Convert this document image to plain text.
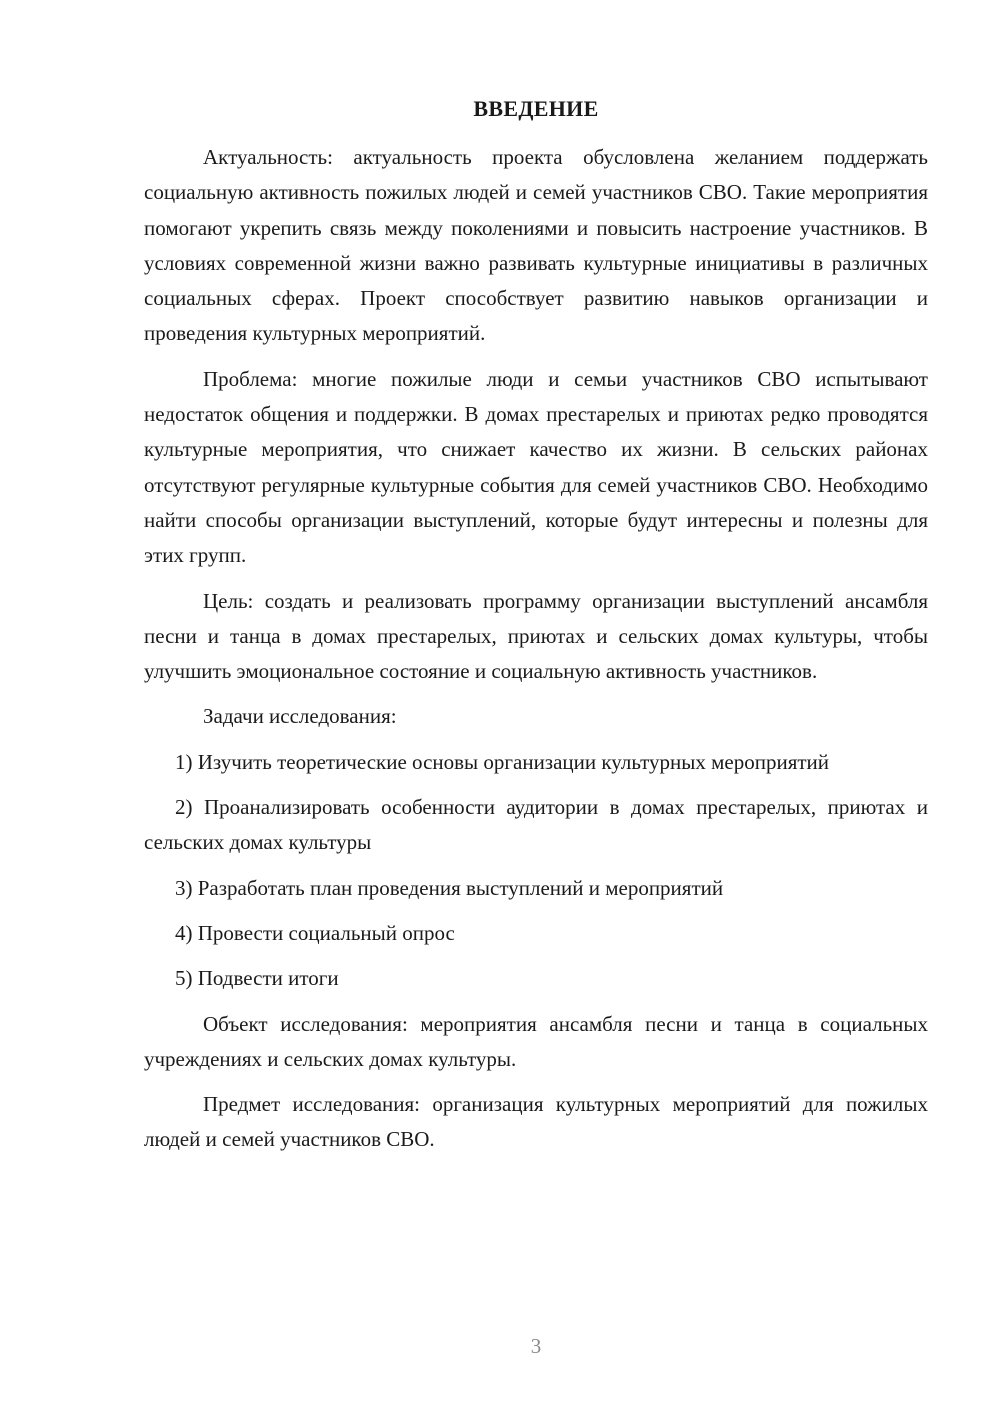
ВВЕДЕНИЕ

Актуальность: актуальность проекта обусловлена желанием поддержать социальную активность пожилых людей и семей участников СВО. Такие мероприятия помогают укрепить связь между поколениями и повысить настроение участников. В условиях современной жизни важно развивать культурные инициативы в различных социальных сферах. Проект способствует развитию навыков организации и проведения культурных мероприятий.

Проблема: многие пожилые люди и семьи участников СВО испытывают недостаток общения и поддержки. В домах престарелых и приютах редко проводятся культурные мероприятия, что снижает качество их жизни. В сельских районах отсутствуют регулярные культурные события для семей участников СВО. Необходимо найти способы организации выступлений, которые будут интересны и полезны для этих групп.

Цель: создать и реализовать программу организации выступлений ансамбля песни и танца в домах престарелых, приютах и сельских домах культуры, чтобы улучшить эмоциональное состояние и социальную активность участников.

Задачи исследования:

1) Изучить теоретические основы организации культурных мероприятий

2) Проанализировать особенности аудитории в домах престарелых, приютах и сельских домах культуры

3) Разработать план проведения выступлений и мероприятий

4) Провести социальный опрос

5) Подвести итоги

Объект исследования: мероприятия ансамбля песни и танца в социальных учреждениях и сельских домах культуры.

Предмет исследования: организация культурных мероприятий для пожилых людей и семей участников СВО.

3
